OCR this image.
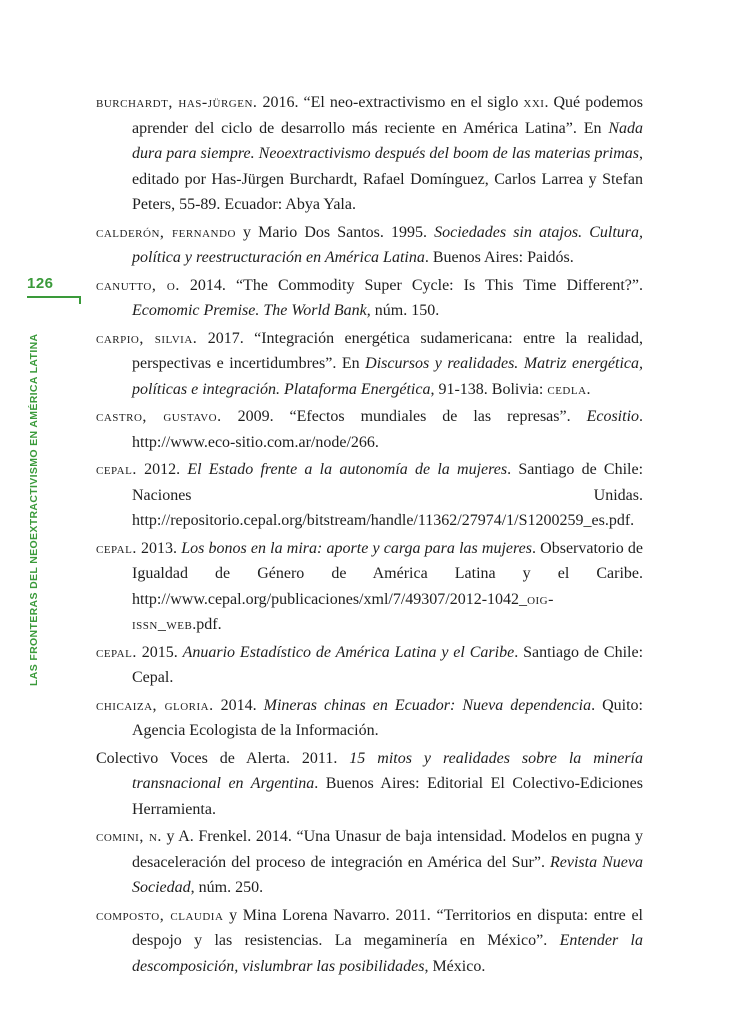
126
LAS FRONTERAS DEL NEOEXTRACTIVISMO EN AMÉRICA LATINA

burchardt, has-jürgen. 2016. “El neo-extractivismo en el siglo xxi. Qué podemos aprender del ciclo de desarrollo más reciente en América Latina”. En Nada dura para siempre. Neoextractivismo después del boom de las materias primas, editado por Has-Jürgen Burchardt, Rafael Domínguez, Carlos Larrea y Stefan Peters, 55-89. Ecuador: Abya Yala.

calderón, fernando y Mario Dos Santos. 1995. Sociedades sin atajos. Cultura, política y reestructuración en América Latina. Buenos Aires: Paidós.

canutto, o. 2014. “The Commodity Super Cycle: Is This Time Different?”. Ecomomic Premise. The World Bank, núm. 150.

carpio, silvia. 2017. “Integración energética sudamericana: entre la realidad, perspectivas e incertidumbres”. En Discursos y realidades. Matriz energética, políticas e integración. Plataforma Energética, 91-138. Bolivia: cedla.

castro, gustavo. 2009. “Efectos mundiales de las represas”. Ecositio. http://www.eco-sitio.com.ar/node/266.

cepal. 2012. El Estado frente a la autonomía de la mujeres. Santiago de Chile: Naciones Unidas. http://repositorio.cepal.org/bitstream/handle/11362/27974/1/S1200259_es.pdf.

cepal. 2013. Los bonos en la mira: aporte y carga para las mujeres. Observatorio de Igualdad de Género de América Latina y el Caribe. http://www.cepal.org/publicaciones/xml/7/49307/2012-1042_oig-issn_web.pdf.

cepal. 2015. Anuario Estadístico de América Latina y el Caribe. Santiago de Chile: Cepal.

chicaiza, gloria. 2014. Mineras chinas en Ecuador: Nueva dependencia. Quito: Agencia Ecologista de la Información.

Colectivo Voces de Alerta. 2011. 15 mitos y realidades sobre la minería transnacional en Argentina. Buenos Aires: Editorial El Colectivo-Ediciones Herramienta.

comini, n. y A. Frenkel. 2014. “Una Unasur de baja intensidad. Modelos en pugna y desaceleración del proceso de integración en América del Sur”. Revista Nueva Sociedad, núm. 250.

composto, claudia y Mina Lorena Navarro. 2011. “Territorios en disputa: entre el despojo y las resistencias. La megaminería en México”. Entender la descomposición, vislumbrar las posibilidades, México.
